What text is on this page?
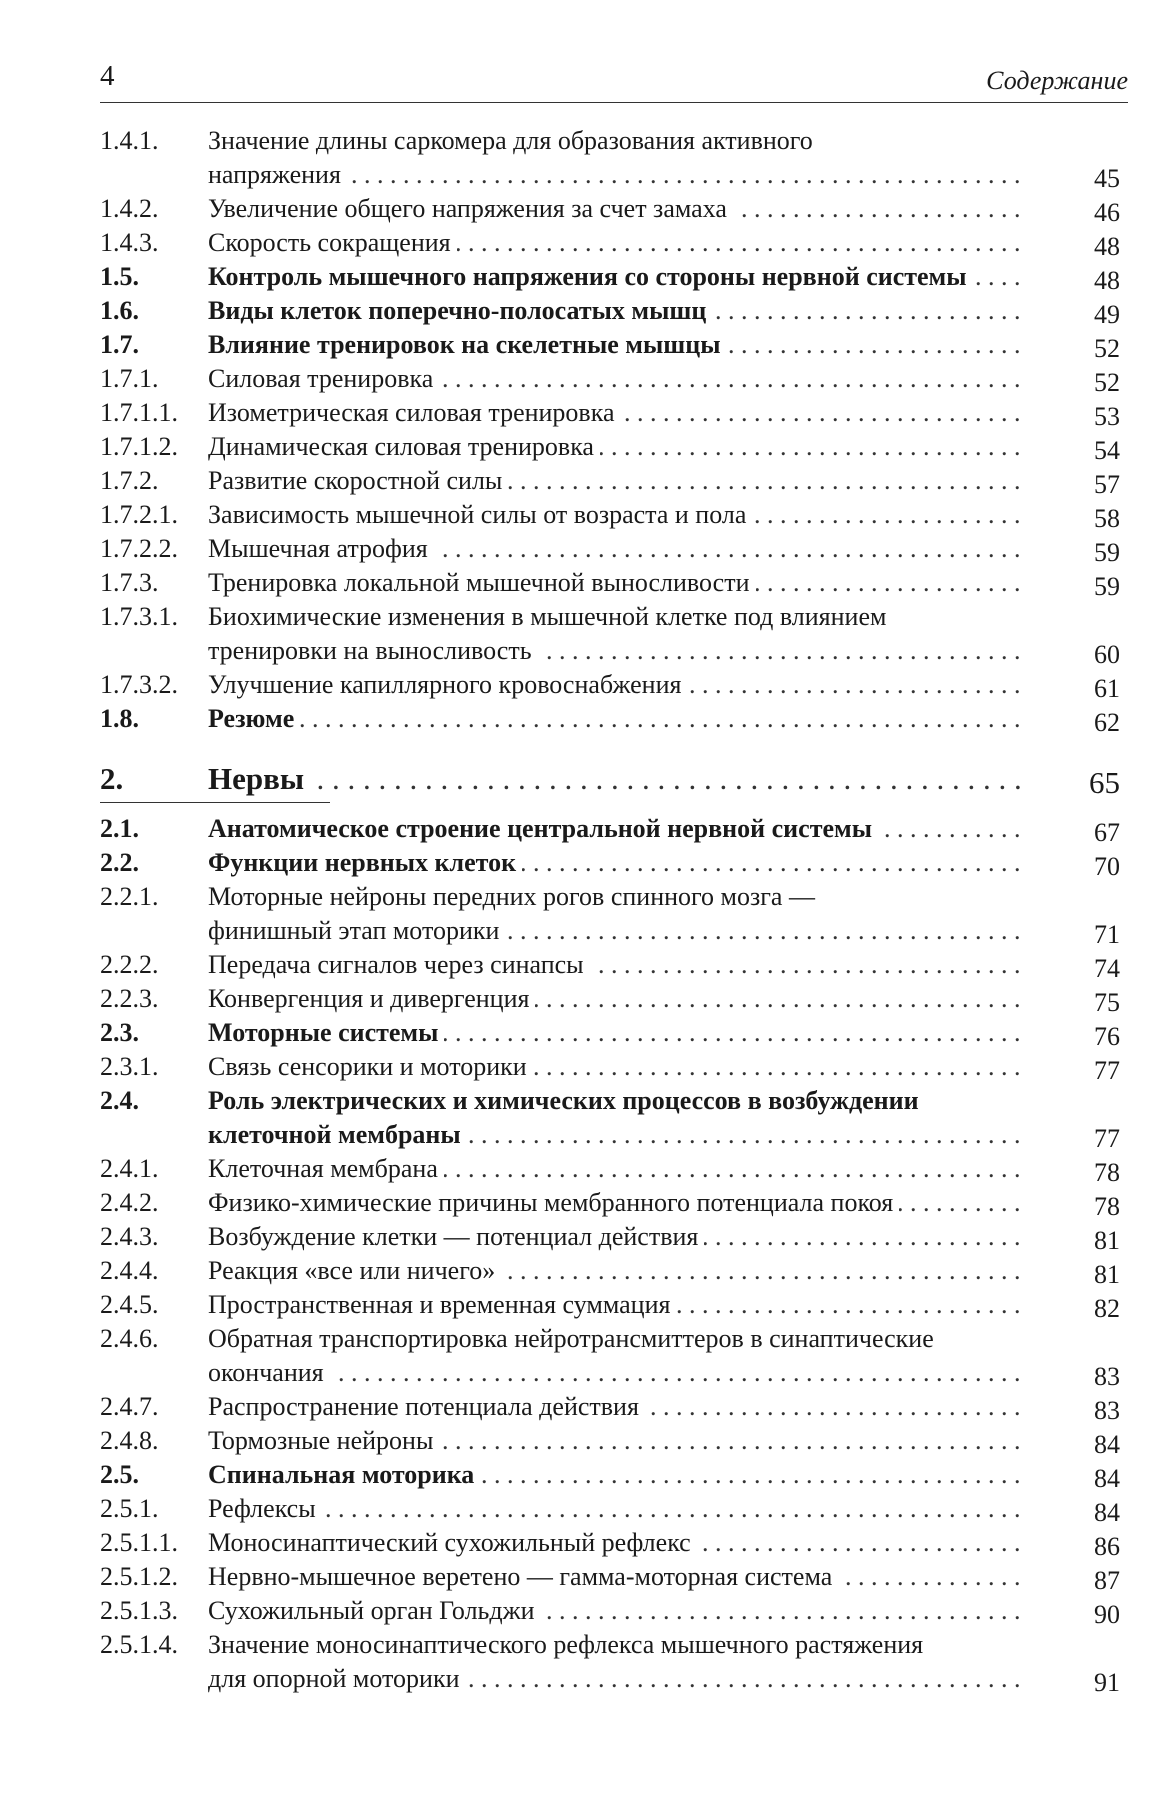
4	Содержание
1.4.1. Значение длины саркомера для образования активного
напряжения . . .	45
1.4.2. Увеличение общего напряжения за счет замаха . . .	46
1.4.3. Скорость сокращения . . .	48
1.5.	Контроль мышечного напряжения со стороны нервной системы . . .	48
1.6.	Виды клеток поперечно-полосатых мышц . . .	49
1.7.	Влияние тренировок на скелетные мышцы . . .	52
1.7.1. Силовая тренировка . . .	52
1.7.1.1. Изометрическая силовая тренировка . . .	53
1.7.1.2. Динамическая силовая тренировка . . .	54
1.7.2. Развитие скоростной силы . . .	57
1.7.2.1. Зависимость мышечной силы от возраста и пола . . .	58
1.7.2.2. Мышечная атрофия . . .	59
1.7.3. Тренировка локальной мышечной выносливости . . .	59
1.7.3.1. Биохимические изменения в мышечной клетке под влиянием
тренировки на выносливость . . .	60
1.7.3.2. Улучшение капиллярного кровоснабжения . . .	61
1.8.	Резюме . . .	62
2.	Нервы . . .	65
2.1.	Анатомическое строение центральной нервной системы . . .	67
2.2.	Функции нервных клеток . . .	70
2.2.1. Моторные нейроны передних рогов спинного мозга —
финишный этап моторики . . .	71
2.2.2. Передача сигналов через синапсы . . .	74
2.2.3. Конвергенция и дивергенция . . .	75
2.3.	Моторные системы . . .	76
2.3.1. Связь сенсорики и моторики . . .	77
2.4.	Роль электрических и химических процессов в возбуждении
клеточной мембраны . . .	77
2.4.1. Клеточная мембрана . . .	78
2.4.2. Физико-химические причины мембранного потенциала покоя . . .	78
2.4.3. Возбуждение клетки — потенциал действия . . .	81
2.4.4. Реакция «все или ничего» . . .	81
2.4.5. Пространственная и временная суммация . . .	82
2.4.6. Обратная транспортировка нейротрансмиттеров в синаптические
окончания . . .	83
2.4.7. Распространение потенциала действия . . .	83
2.4.8. Тормозные нейроны . . .	84
2.5.	Спинальная моторика . . .	84
2.5.1. Рефлексы . . .	84
2.5.1.1. Моносинаптический сухожильный рефлекс . . .	86
2.5.1.2. Нервно-мышечное веретено — гамма-моторная система . . .	87
2.5.1.3. Сухожильный орган Гольджи . . .	90
2.5.1.4. Значение моносинаптического рефлекса мышечного растяжения
для опорной моторики . . .	91
